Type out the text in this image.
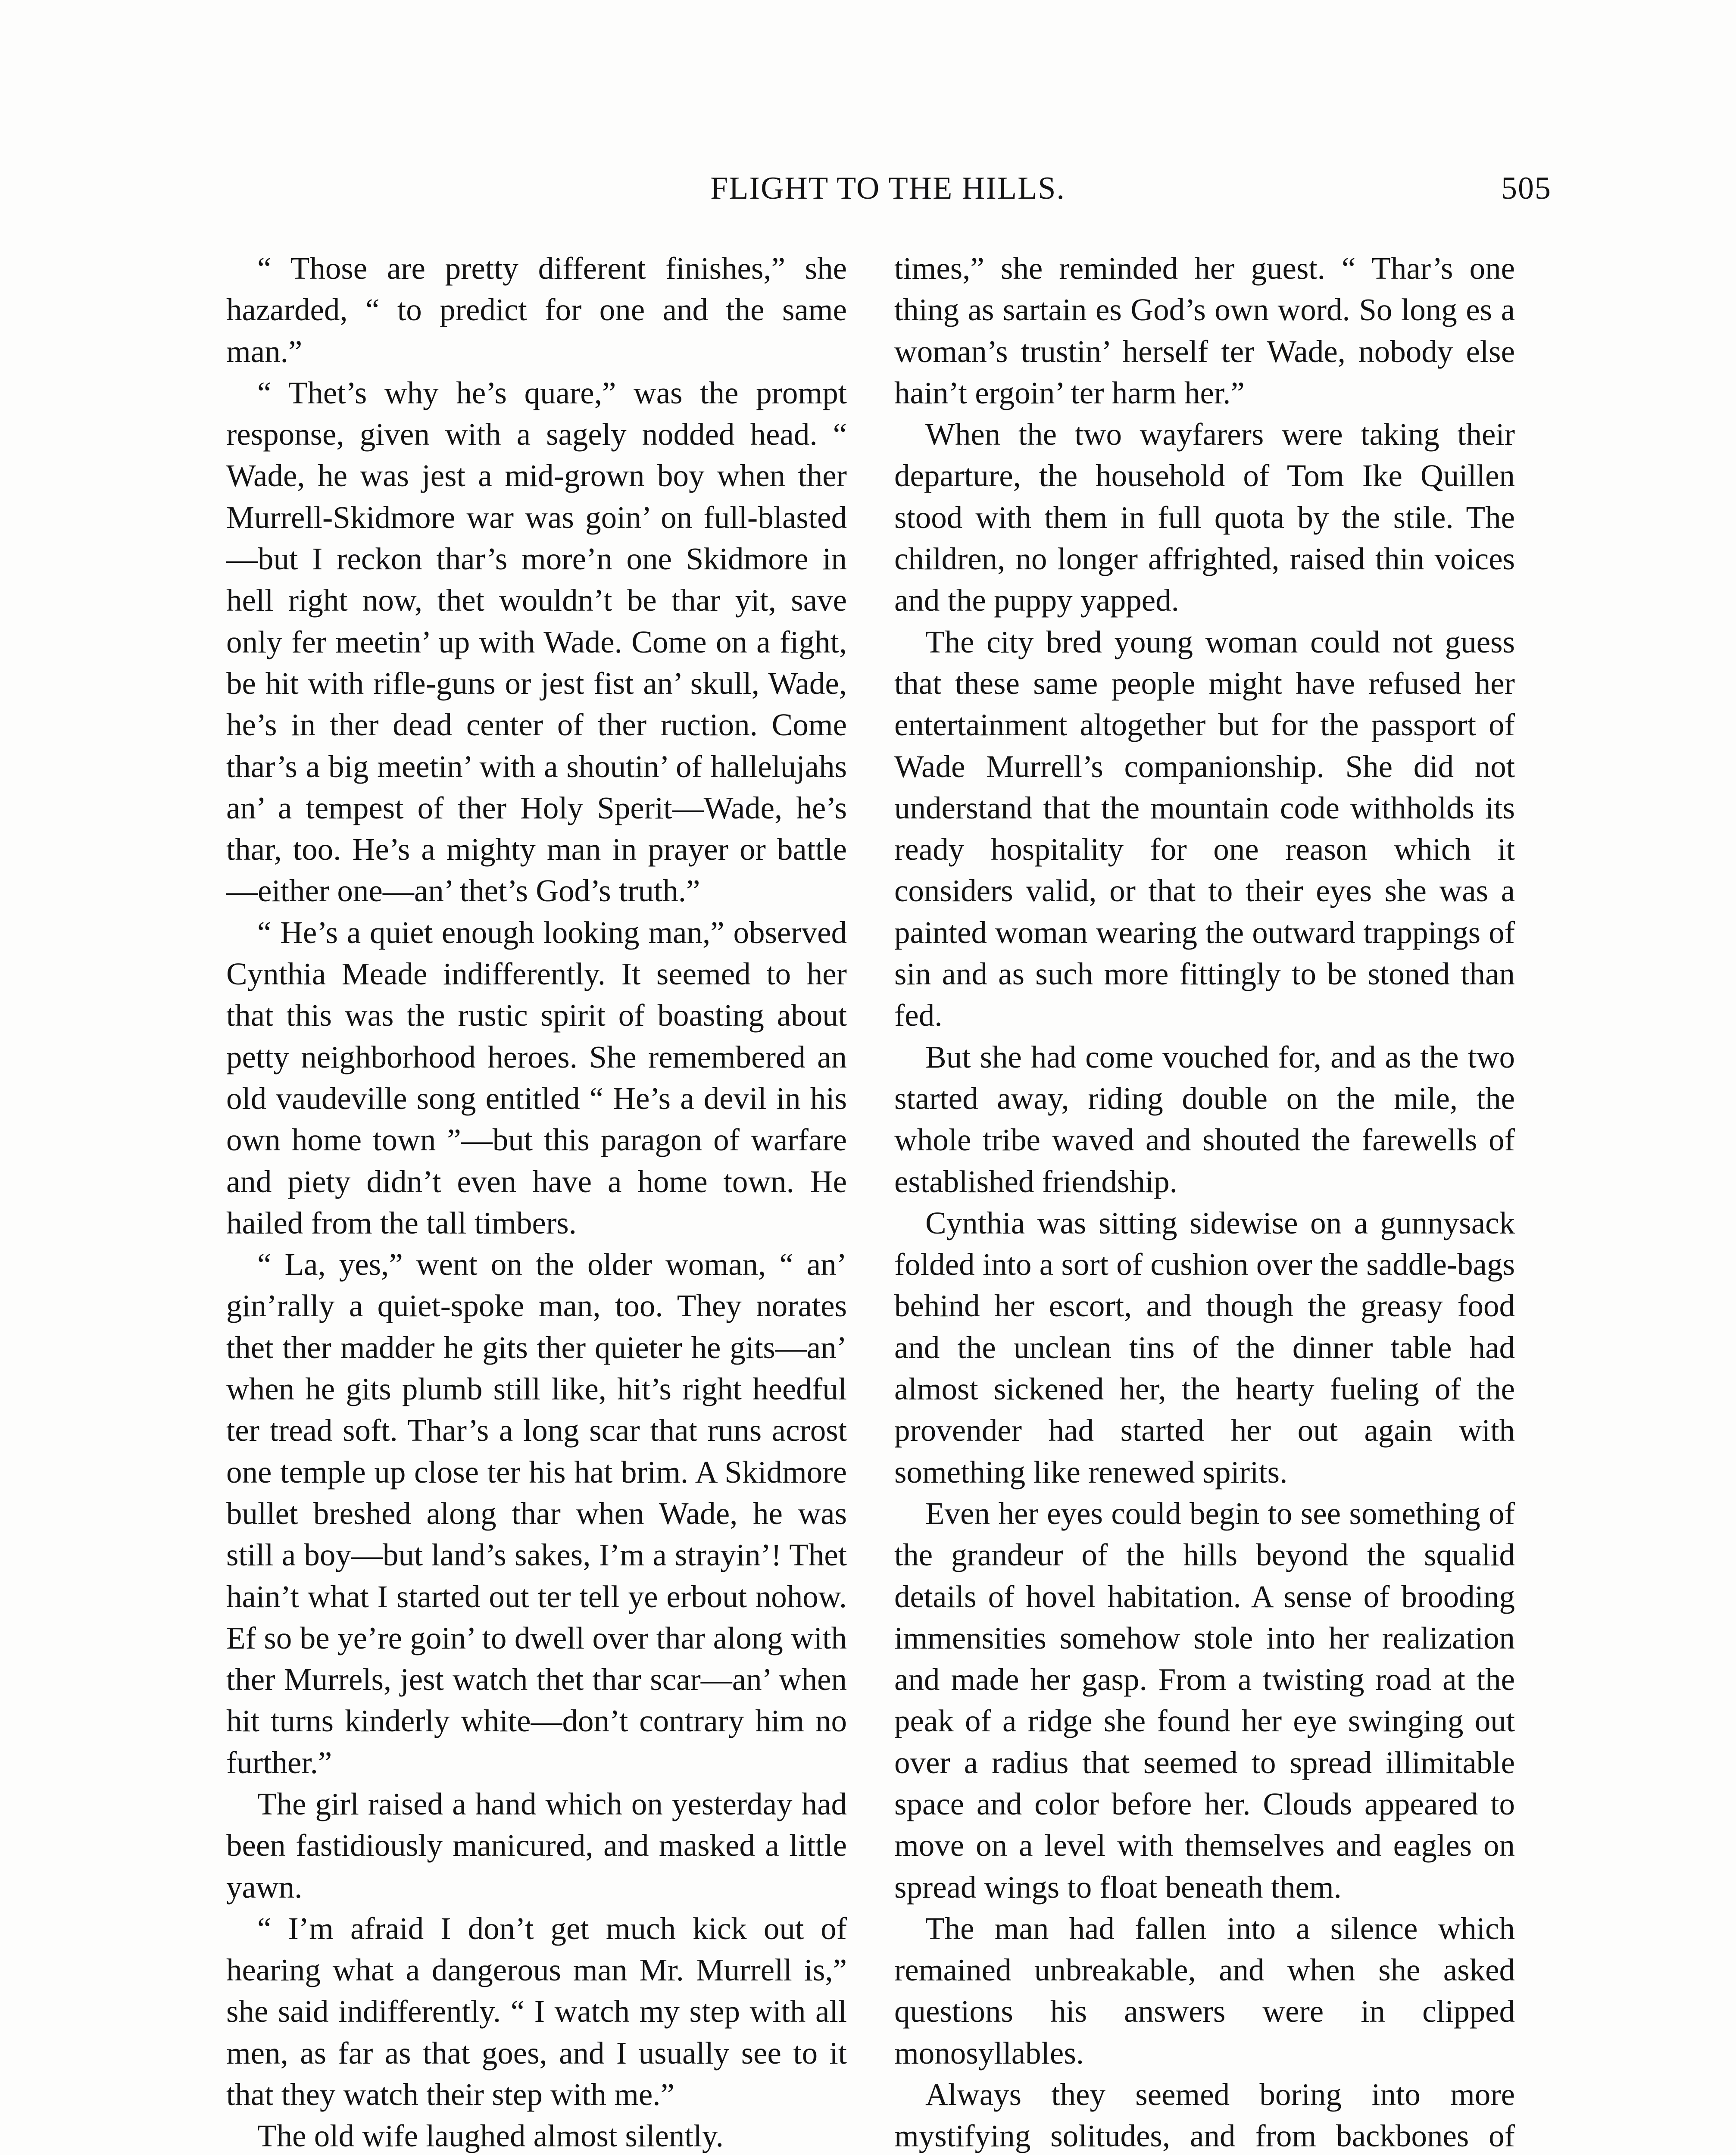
FLIGHT TO THE HILLS.	505

“ Those are pretty different finishes,” she hazarded, “ to predict for one and the same man.”

“ Thet’s why he’s quare,” was the prompt response, given with a sagely nodded head. “ Wade, he was jest a mid-grown boy when ther Murrell-Skidmore war was goin’ on full-blasted—but I reckon thar’s more’n one Skidmore in hell right now, thet wouldn’t be thar yit, save only fer meetin’ up with Wade. Come on a fight, be hit with rifle-guns or jest fist an’ skull, Wade, he’s in ther dead center of ther ruction. Come thar’s a big meetin’ with a shoutin’ of hallelujahs an’ a tempest of ther Holy Sperit—Wade, he’s thar, too. He’s a mighty man in prayer or battle—either one—an’ thet’s God’s truth.”

“ He’s a quiet enough looking man,” observed Cynthia Meade indifferently. It seemed to her that this was the rustic spirit of boasting about petty neighborhood heroes. She remembered an old vaudeville song entitled “ He’s a devil in his own home town ”—but this paragon of warfare and piety didn’t even have a home town. He hailed from the tall timbers.

“ La, yes,” went on the older woman, “ an’ gin’rally a quiet-spoke man, too. They norates thet ther madder he gits ther quieter he gits—an’ when he gits plumb still like, hit’s right heedful ter tread soft. Thar’s a long scar that runs acrost one temple up close ter his hat brim. A Skidmore bullet breshed along thar when Wade, he was still a boy—but land’s sakes, I’m a strayin’! Thet hain’t what I started out ter tell ye erbout nohow. Ef so be ye’re goin’ to dwell over thar along with ther Murrels, jest watch thet thar scar—an’ when hit turns kinderly white—don’t contrary him no further.”

The girl raised a hand which on yesterday had been fastidiously manicured, and masked a little yawn.

“ I’m afraid I don’t get much kick out of hearing what a dangerous man Mr. Murrell is,” she said indifferently. “ I watch my step with all men, as far as that goes, and I usually see to it that they watch their step with me.”

The old wife laughed almost silently.

times,” she reminded her guest. “ Thar’s one thing as sartain es God’s own word. So long es a woman’s trustin’ herself ter Wade, nobody else hain’t ergoin’ ter harm her.”

When the two wayfarers were taking their departure, the household of Tom Ike Quillen stood with them in full quota by the stile. The children, no longer affrighted, raised thin voices and the puppy yapped.

The city bred young woman could not guess that these same people might have refused her entertainment altogether but for the passport of Wade Murrell’s companionship. She did not understand that the mountain code withholds its ready hospitality for one reason which it considers valid, or that to their eyes she was a painted woman wearing the outward trappings of sin and as such more fittingly to be stoned than fed.

But she had come vouched for, and as the two started away, riding double on the mile, the whole tribe waved and shouted the farewells of established friendship.

Cynthia was sitting sidewise on a gunnysack folded into a sort of cushion over the saddle-bags behind her escort, and though the greasy food and the unclean tins of the dinner table had almost sickened her, the hearty fueling of the provender had started her out again with something like renewed spirits.

Even her eyes could begin to see something of the grandeur of the hills beyond the squalid details of hovel habitation. A sense of brooding immensities somehow stole into her realization and made her gasp. From a twisting road at the peak of a ridge she found her eye swinging out over a radius that seemed to spread illimitable space and color before her. Clouds appeared to move on a level with themselves and eagles on spread wings to float beneath them.

The man had fallen into a silence which remained unbreakable, and when she asked questions his answers were in clipped monosyllables.

Always they seemed boring into more mystifying solitudes, and from backbones of
